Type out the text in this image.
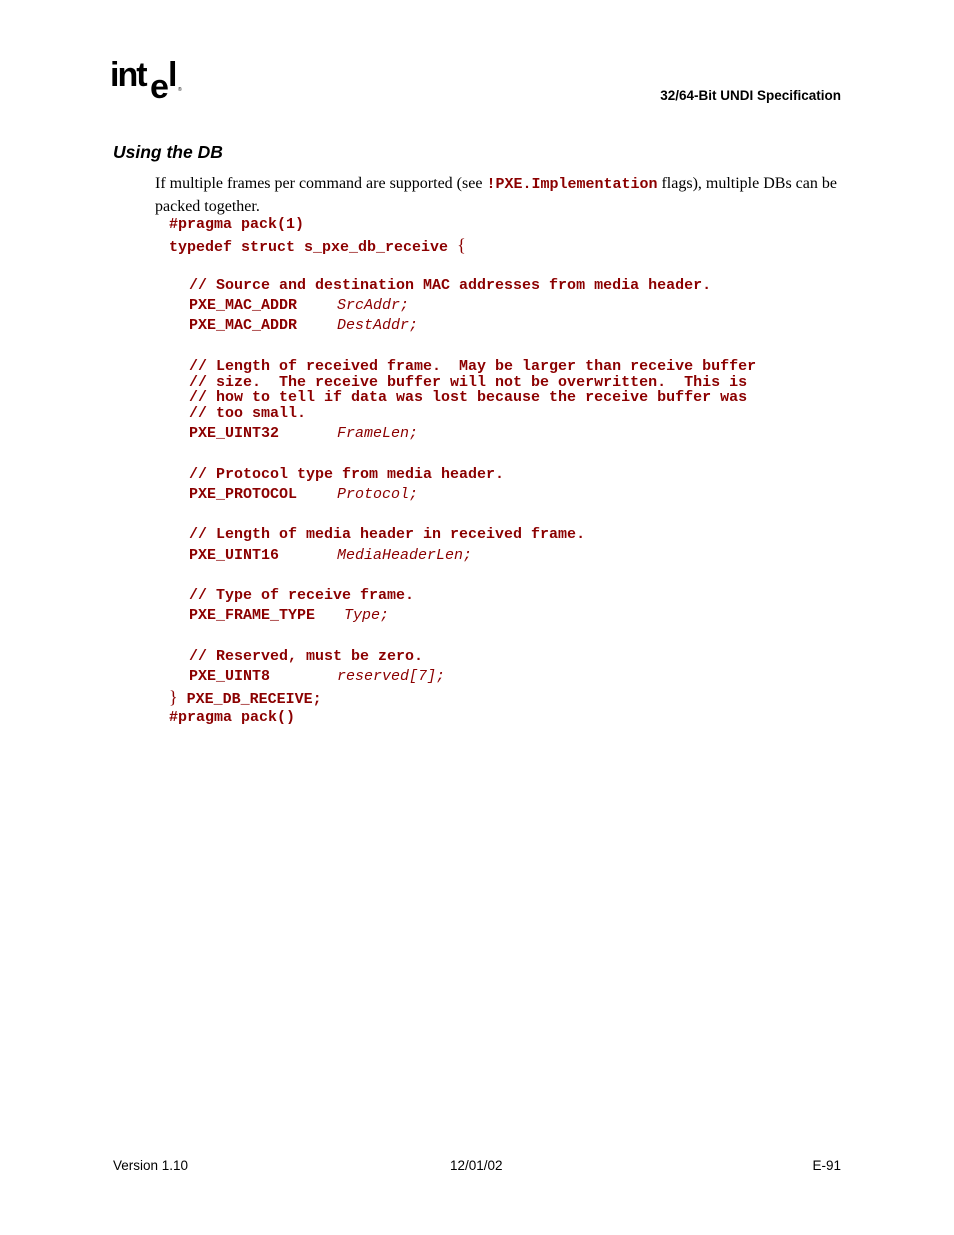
int e l ®	32/64-Bit UNDI Specification
Using the DB
If multiple frames per command are supported (see !PXE.Implementation flags), multiple DBs can be packed together.
#pragma pack(1)
typedef struct s_pxe_db_receive {
// Source and destination MAC addresses from media header.
PXE_MAC_ADDR	SrcAddr;
PXE_MAC_ADDR	DestAddr;
// Length of received frame.  May be larger than receive buffer
// size.  The receive buffer will not be overwritten.  This is
// how to tell if data was lost because the receive buffer was
// too small.
PXE_UINT32	FrameLen;
// Protocol type from media header.
PXE_PROTOCOL	Protocol;
// Length of media header in received frame.
PXE_UINT16	MediaHeaderLen;
// Type of receive frame.
PXE_FRAME_TYPE Type;
// Reserved, must be zero.
PXE_UINT8	reserved[7];
} PXE_DB_RECEIVE;
#pragma pack()
Version 1.10	12/01/02	E-91
